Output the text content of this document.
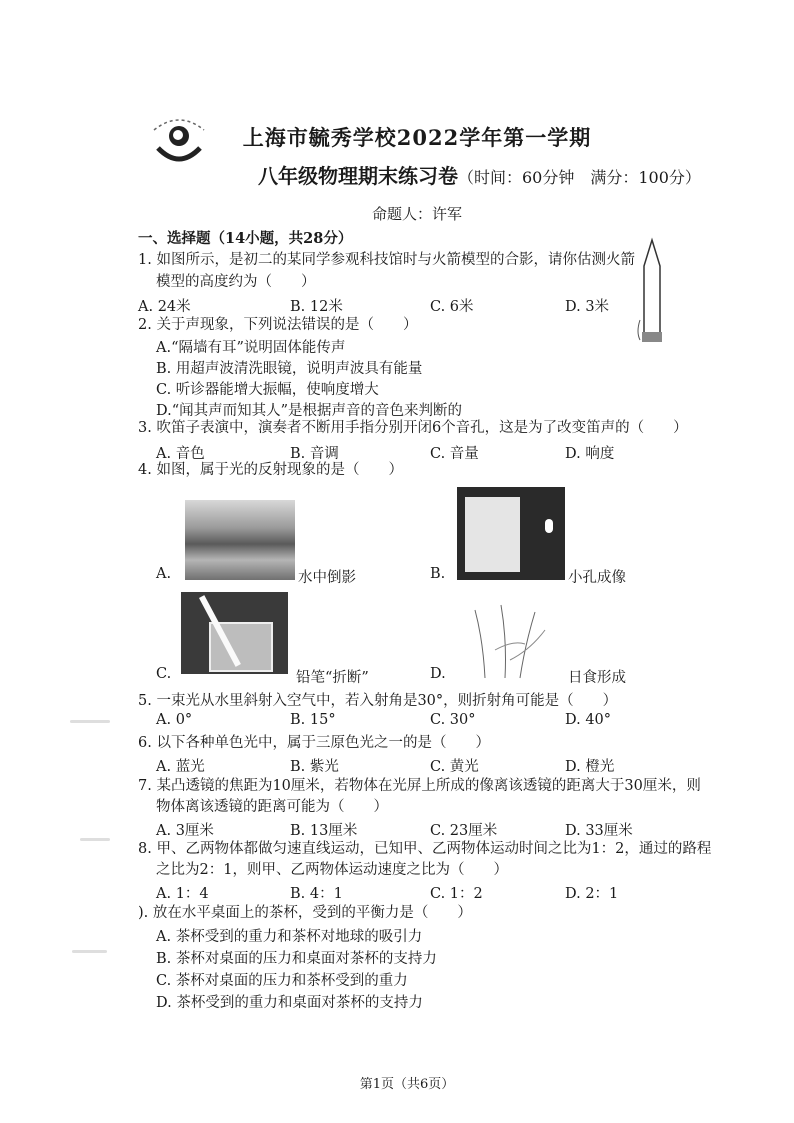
上海市毓秀学校2022学年第一学期
八年级物理期末练习卷（时间：60分钟　满分：100分）
命题人：许军
一、选择题（14小题，共28分）
1. 如图所示，是初二的某同学参观科技馆时与火箭模型的合影，请你估测火箭
模型的高度约为（　　）
A. 24米	B. 12米	C. 6米	D. 3米
2. 关于声现象，下列说法错误的是（　　）
A.“隔墙有耳”说明固体能传声
B. 用超声波清洗眼镜，说明声波具有能量
C. 听诊器能增大振幅，使响度增大
D.“闻其声而知其人”是根据声音的音色来判断的
3. 吹笛子表演中，演奏者不断用手指分别开闭6个音孔，这是为了改变笛声的（　　）
A. 音色	B. 音调	C. 音量	D. 响度
4. 如图，属于光的反射现象的是（　　）
A.	水中倒影	B.	小孔成像
C.	铅笔“折断”	D.	日食形成
5. 一束光从水里斜射入空气中，若入射角是30°，则折射角可能是（　　）
A. 0°	B. 15°	C. 30°	D. 40°
6. 以下各种单色光中，属于三原色光之一的是（　　）
A. 蓝光	B. 紫光	C. 黄光	D. 橙光
7. 某凸透镜的焦距为10厘米，若物体在光屏上所成的像离该透镜的距离大于30厘米，则
物体离该透镜的距离可能为（　　）
A. 3厘米	B. 13厘米	C. 23厘米	D. 33厘米
8. 甲、乙两物体都做匀速直线运动，已知甲、乙两物体运动时间之比为1：2，通过的路程
之比为2：1，则甲、乙两物体运动速度之比为（　　）
A. 1：4	B. 4：1	C. 1：2	D. 2：1
). 放在水平桌面上的茶杯，受到的平衡力是（　　）
A. 茶杯受到的重力和茶杯对地球的吸引力
B. 茶杯对桌面的压力和桌面对茶杯的支持力
C. 茶杯对桌面的压力和茶杯受到的重力
D. 茶杯受到的重力和桌面对茶杯的支持力
第1页（共6页）
